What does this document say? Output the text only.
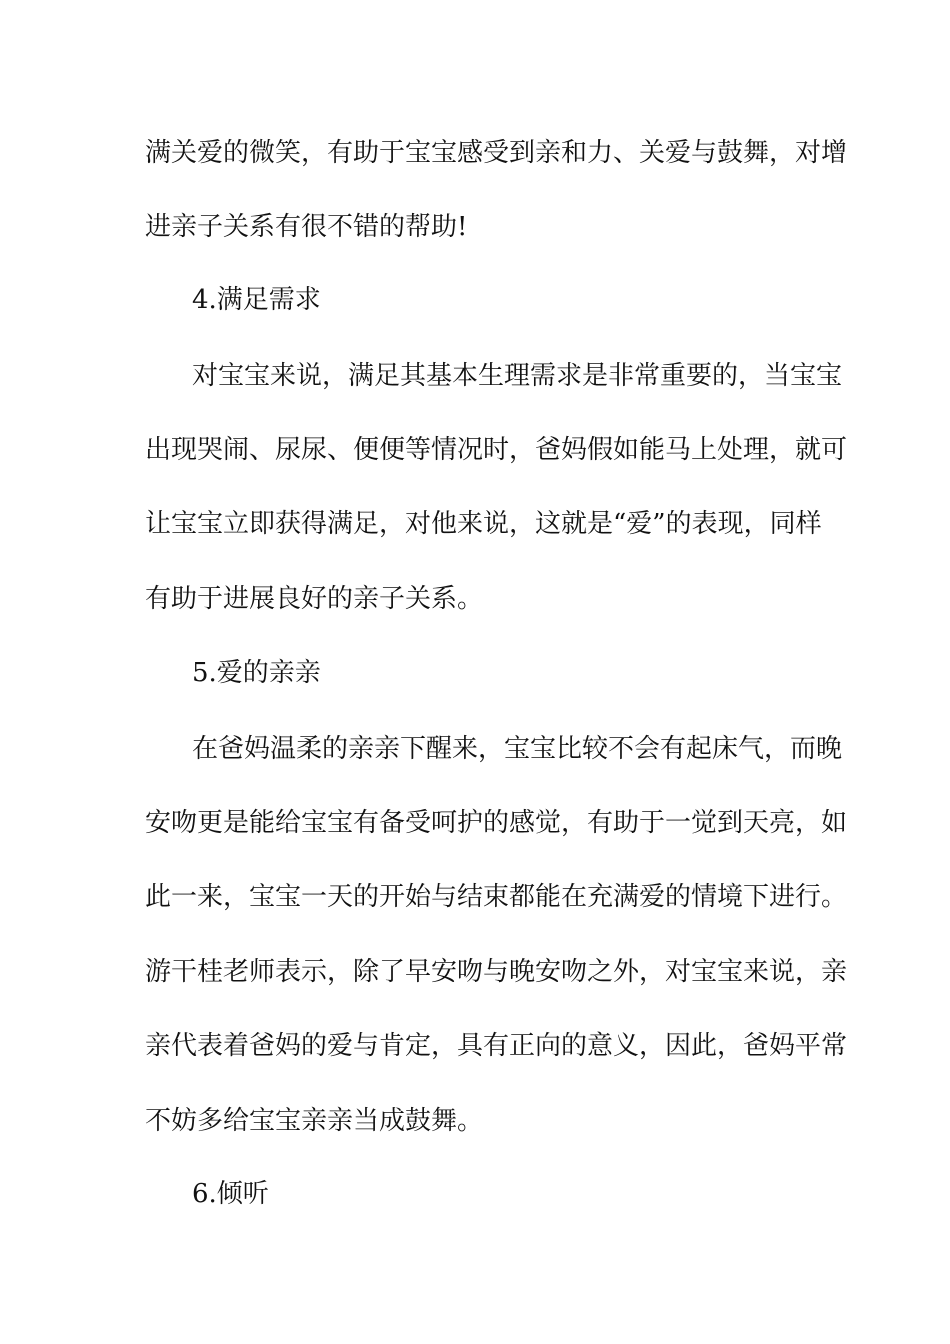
满关爱的微笑，有助于宝宝感受到亲和力、关爱与鼓舞，对增
进亲子关系有很不错的帮助!
4.满足需求
对宝宝来说，满足其基本生理需求是非常重要的，当宝宝
出现哭闹、尿尿、便便等情况时，爸妈假如能马上处理，就可
让宝宝立即获得满足，对他来说，这就是“爱”的表现，同样
有助于进展良好的亲子关系。
5.爱的亲亲
在爸妈温柔的亲亲下醒来，宝宝比较不会有起床气，而晚
安吻更是能给宝宝有备受呵护的感觉，有助于一觉到天亮，如
此一来，宝宝一天的开始与结束都能在充满爱的情境下进行。
游干桂老师表示，除了早安吻与晚安吻之外，对宝宝来说，亲
亲代表着爸妈的爱与肯定，具有正向的意义，因此，爸妈平常
不妨多给宝宝亲亲当成鼓舞。
6.倾听
